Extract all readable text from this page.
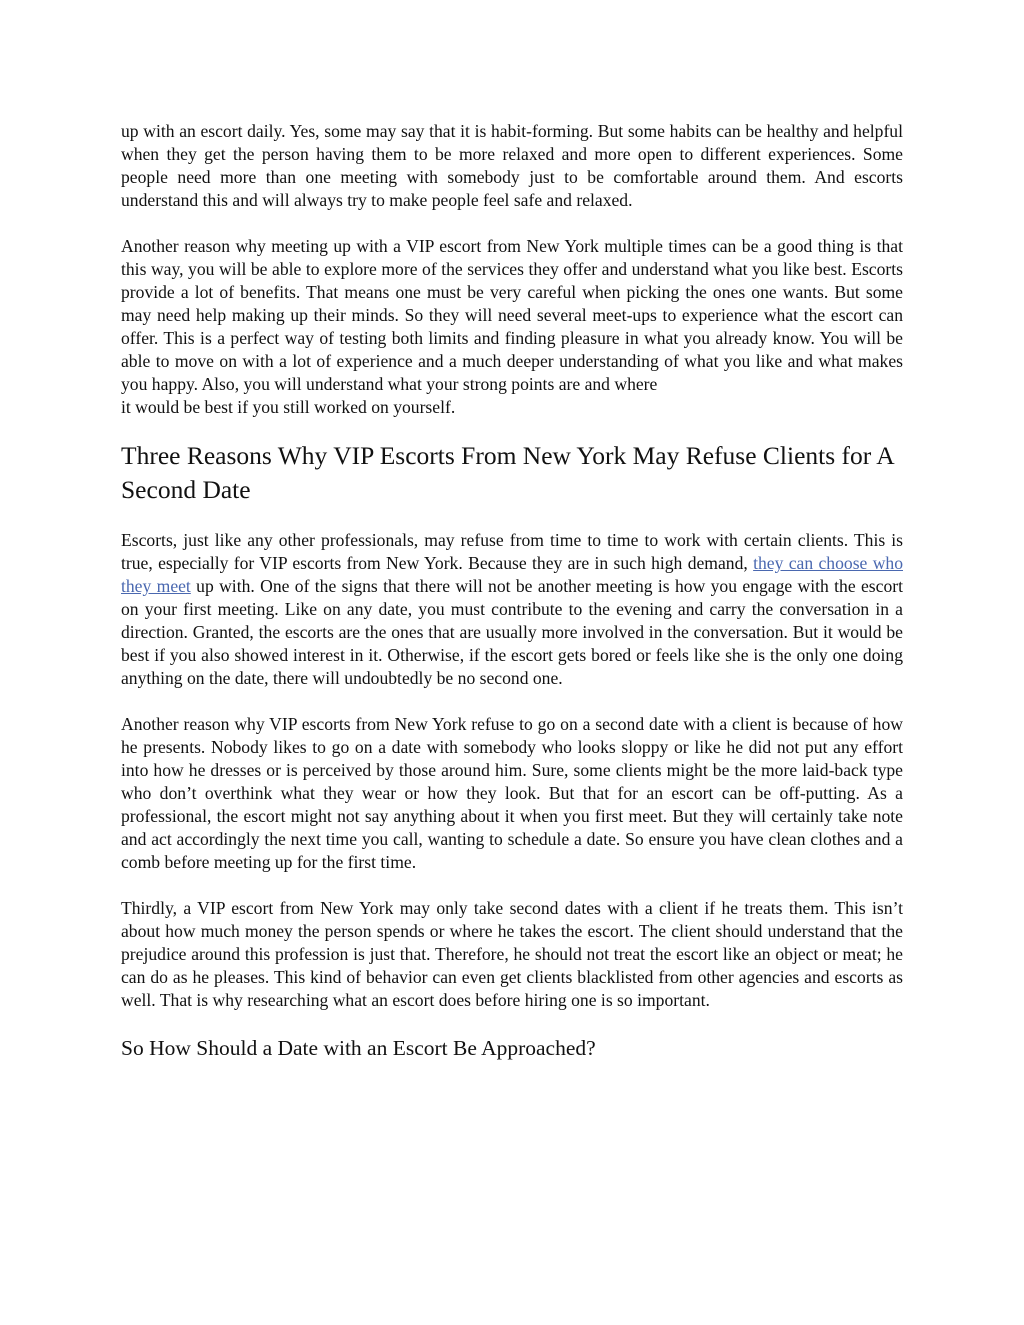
up with an escort daily. Yes, some may say that it is habit-forming. But some habits can be healthy and helpful when they get the person having them to be more relaxed and more open to different experiences. Some people need more than one meeting with somebody just to be comfortable around them. And escorts understand this and will always try to make people feel safe and relaxed.

Another reason why meeting up with a VIP escort from New York multiple times can be a good thing is that this way, you will be able to explore more of the services they offer and understand what you like best. Escorts provide a lot of benefits. That means one must be very careful when picking the ones one wants. But some may need help making up their minds. So they will need several meet-ups to experience what the escort can offer. This is a perfect way of testing both limits and finding pleasure in what you already know. You will be able to move on with a lot of experience and a much deeper understanding of what you like and what makes you happy. Also, you will understand what your strong points are and where
it would be best if you still worked on yourself.

Three Reasons Why VIP Escorts From New York May Refuse Clients for A Second Date

Escorts, just like any other professionals, may refuse from time to time to work with certain clients. This is true, especially for VIP escorts from New York. Because they are in such high demand, they can choose who they meet up with. One of the signs that there will not be another meeting is how you engage with the escort on your first meeting. Like on any date, you must contribute to the evening and carry the conversation in a direction. Granted, the escorts are the ones that are usually more involved in the conversation. But it would be best if you also showed interest in it. Otherwise, if the escort gets bored or feels like she is the only one doing anything on the date, there will undoubtedly be no second one.

Another reason why VIP escorts from New York refuse to go on a second date with a client is because of how he presents. Nobody likes to go on a date with somebody who looks sloppy or like he did not put any effort into how he dresses or is perceived by those around him. Sure, some clients might be the more laid-back type who don’t overthink what they wear or how they look. But that for an escort can be off-putting. As a professional, the escort might not say anything about it when you first meet. But they will certainly take note and act accordingly the next time you call, wanting to schedule a date. So ensure you have clean clothes and a comb before meeting up for the first time.

Thirdly, a VIP escort from New York may only take second dates with a client if he treats them. This isn’t about how much money the person spends or where he takes the escort. The client should understand that the prejudice around this profession is just that. Therefore, he should not treat the escort like an object or meat; he can do as he pleases. This kind of behavior can even get clients blacklisted from other agencies and escorts as well. That is why researching what an escort does before hiring one is so important.

So How Should a Date with an Escort Be Approached?
